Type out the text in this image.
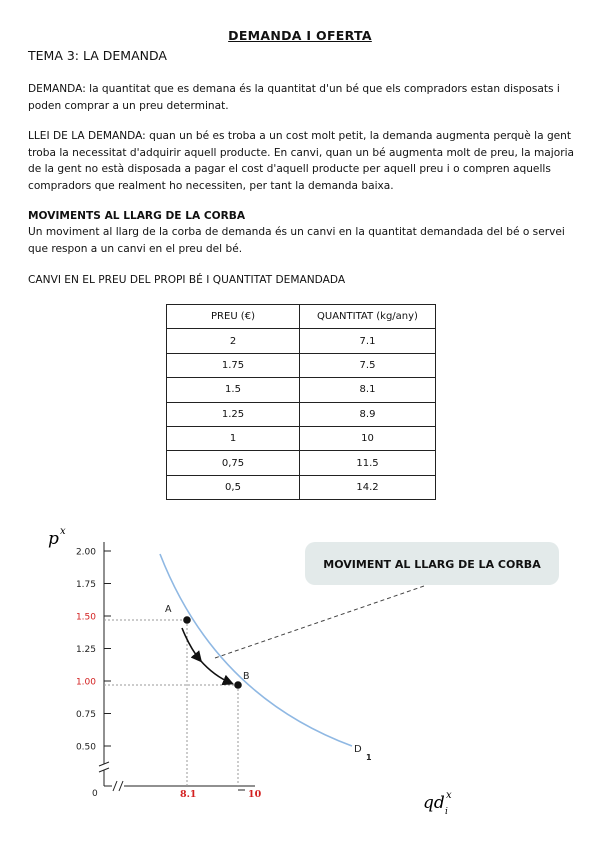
DEMANDA I OFERTA
TEMA 3: LA DEMANDA
DEMANDA: la quantitat que es demana és la quantitat d'un bé que els compradors estan disposats i poden comprar a un preu determinat.
LLEI DE LA DEMANDA: quan un bé es troba a un cost molt petit, la demanda augmenta perquè la gent troba la necessitat d'adquirir aquell producte. En canvi, quan un bé augmenta molt de preu, la majoria de la gent no està disposada a pagar el cost d'aquell producte per aquell preu i o compren aquells compradors que realment ho necessiten, per tant la demanda baixa.
MOVIMENTS AL LLARG DE LA CORBA
Un moviment al llarg de la corba de demanda és un canvi en la quantitat demandada del bé o servei que respon a un canvi en el preu del bé.
CANVI EN EL PREU DEL PROPI BÉ I QUANTITAT DEMANDADA
PREU (€)	QUANTITAT (kg/any)
2	7.1
1.75	7.5
1.5	8.1
1.25	8.9
1	10
0,75	11.5
0,5	14.2
p x
2.00
1.75
1.50
1.25
1.00
0.75
0.50
0
D
1
A
B
8.1	10	qd x
i
MOVIMENT AL LLARG DE LA CORBA
